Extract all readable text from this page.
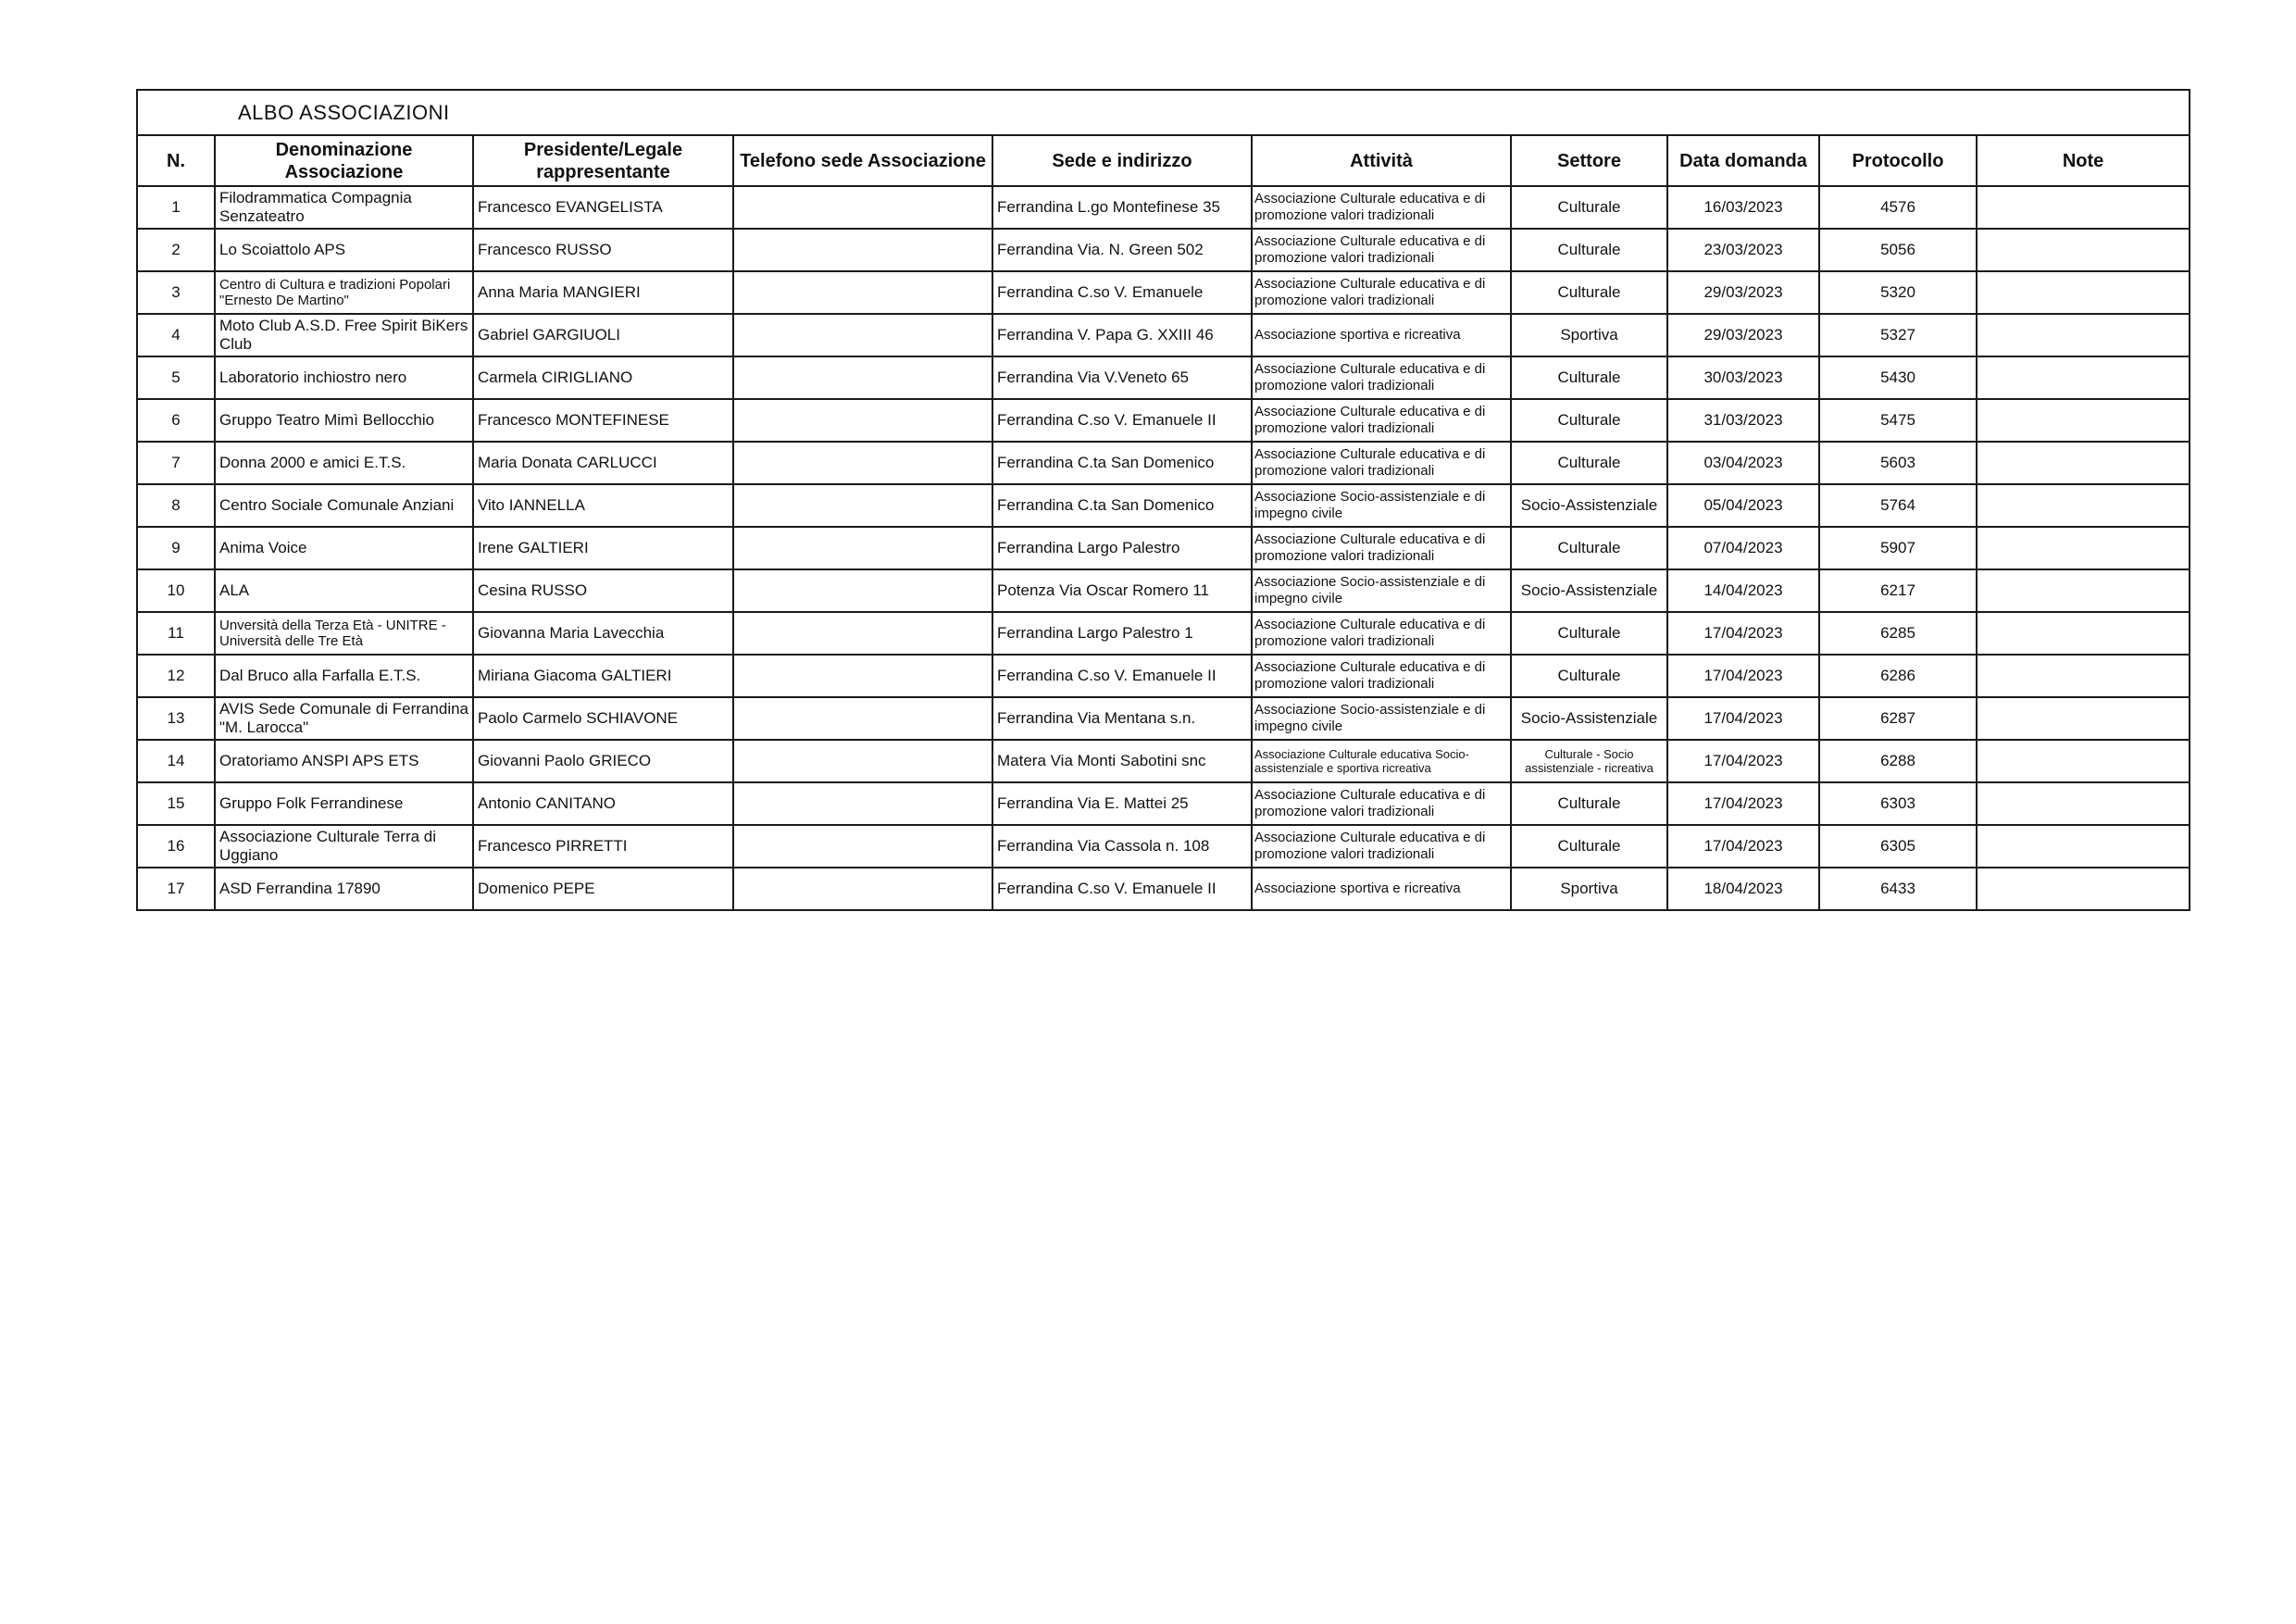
ALBO ASSOCIAZIONI									
N.	Denominazione Associazione	Presidente/Legale rappresentante	Telefono sede Associazione	Sede e indirizzo	Attività	Settore	Data domanda	Protocollo	Note
1	Filodrammatica Compagnia Senzateatro	Francesco EVANGELISTA		Ferrandina L.go Montefinese 35	Associazione Culturale educativa e di promozione valori tradizionali	Culturale	16/03/2023	4576	
2	Lo Scoiattolo APS	Francesco RUSSO		Ferrandina Via. N. Green 502	Associazione Culturale educativa e di promozione valori tradizionali	Culturale	23/03/2023	5056	
3	Centro di Cultura e tradizioni Popolari "Ernesto De Martino"	Anna Maria MANGIERI		Ferrandina C.so V. Emanuele	Associazione Culturale educativa e di promozione valori tradizionali	Culturale	29/03/2023	5320	
4	Moto Club A.S.D. Free Spirit BiKers Club	Gabriel GARGIUOLI		Ferrandina V. Papa G. XXIII 46	Associazione sportiva e ricreativa	Sportiva	29/03/2023	5327	
5	Laboratorio inchiostro nero	Carmela CIRIGLIANO		Ferrandina Via V.Veneto 65	Associazione Culturale educativa e di promozione valori tradizionali	Culturale	30/03/2023	5430	
6	Gruppo Teatro Mimì Bellocchio	Francesco MONTEFINESE		Ferrandina C.so V. Emanuele II	Associazione Culturale educativa e di promozione valori tradizionali	Culturale	31/03/2023	5475	
7	Donna 2000 e amici E.T.S.	Maria Donata CARLUCCI		Ferrandina C.ta San Domenico	Associazione Culturale educativa e di promozione valori tradizionali	Culturale	03/04/2023	5603	
8	Centro Sociale Comunale Anziani	Vito IANNELLA		Ferrandina C.ta San Domenico	Associazione Socio-assistenziale e di impegno civile	Socio-Assistenziale	05/04/2023	5764	
9	Anima Voice	Irene GALTIERI		Ferrandina Largo Palestro	Associazione Culturale educativa e di promozione valori tradizionali	Culturale	07/04/2023	5907	
10	ALA	Cesina RUSSO		Potenza Via Oscar Romero 11	Associazione Socio-assistenziale e di impegno civile	Socio-Assistenziale	14/04/2023	6217	
11	Unversità della Terza Età - UNITRE - Università delle Tre Età	Giovanna Maria Lavecchia		Ferrandina Largo Palestro 1	Associazione Culturale educativa e di promozione valori tradizionali	Culturale	17/04/2023	6285	
12	Dal Bruco alla Farfalla E.T.S.	Miriana Giacoma GALTIERI		Ferrandina C.so V. Emanuele II	Associazione Culturale educativa e di promozione valori tradizionali	Culturale	17/04/2023	6286	
13	AVIS Sede Comunale di Ferrandina "M. Larocca"	Paolo Carmelo SCHIAVONE		Ferrandina Via Mentana s.n.	Associazione Socio-assistenziale e di impegno civile	Socio-Assistenziale	17/04/2023	6287	
14	Oratoriamo ANSPI APS ETS	Giovanni Paolo GRIECO		Matera Via Monti Sabotini snc	Associazione Culturale educativa Socio-assistenziale e sportiva ricreativa	Culturale - Socio assistenziale - ricreativa	17/04/2023	6288	
15	Gruppo Folk Ferrandinese	Antonio CANITANO		Ferrandina Via E. Mattei 25	Associazione Culturale educativa e di promozione valori tradizionali	Culturale	17/04/2023	6303	
16	Associazione Culturale Terra di Uggiano	Francesco PIRRETTI		Ferrandina Via Cassola n. 108	Associazione Culturale educativa e di promozione valori tradizionali	Culturale	17/04/2023	6305	
17	ASD Ferrandina 17890	Domenico PEPE		Ferrandina C.so V. Emanuele II	Associazione sportiva e ricreativa	Sportiva	18/04/2023	6433	
